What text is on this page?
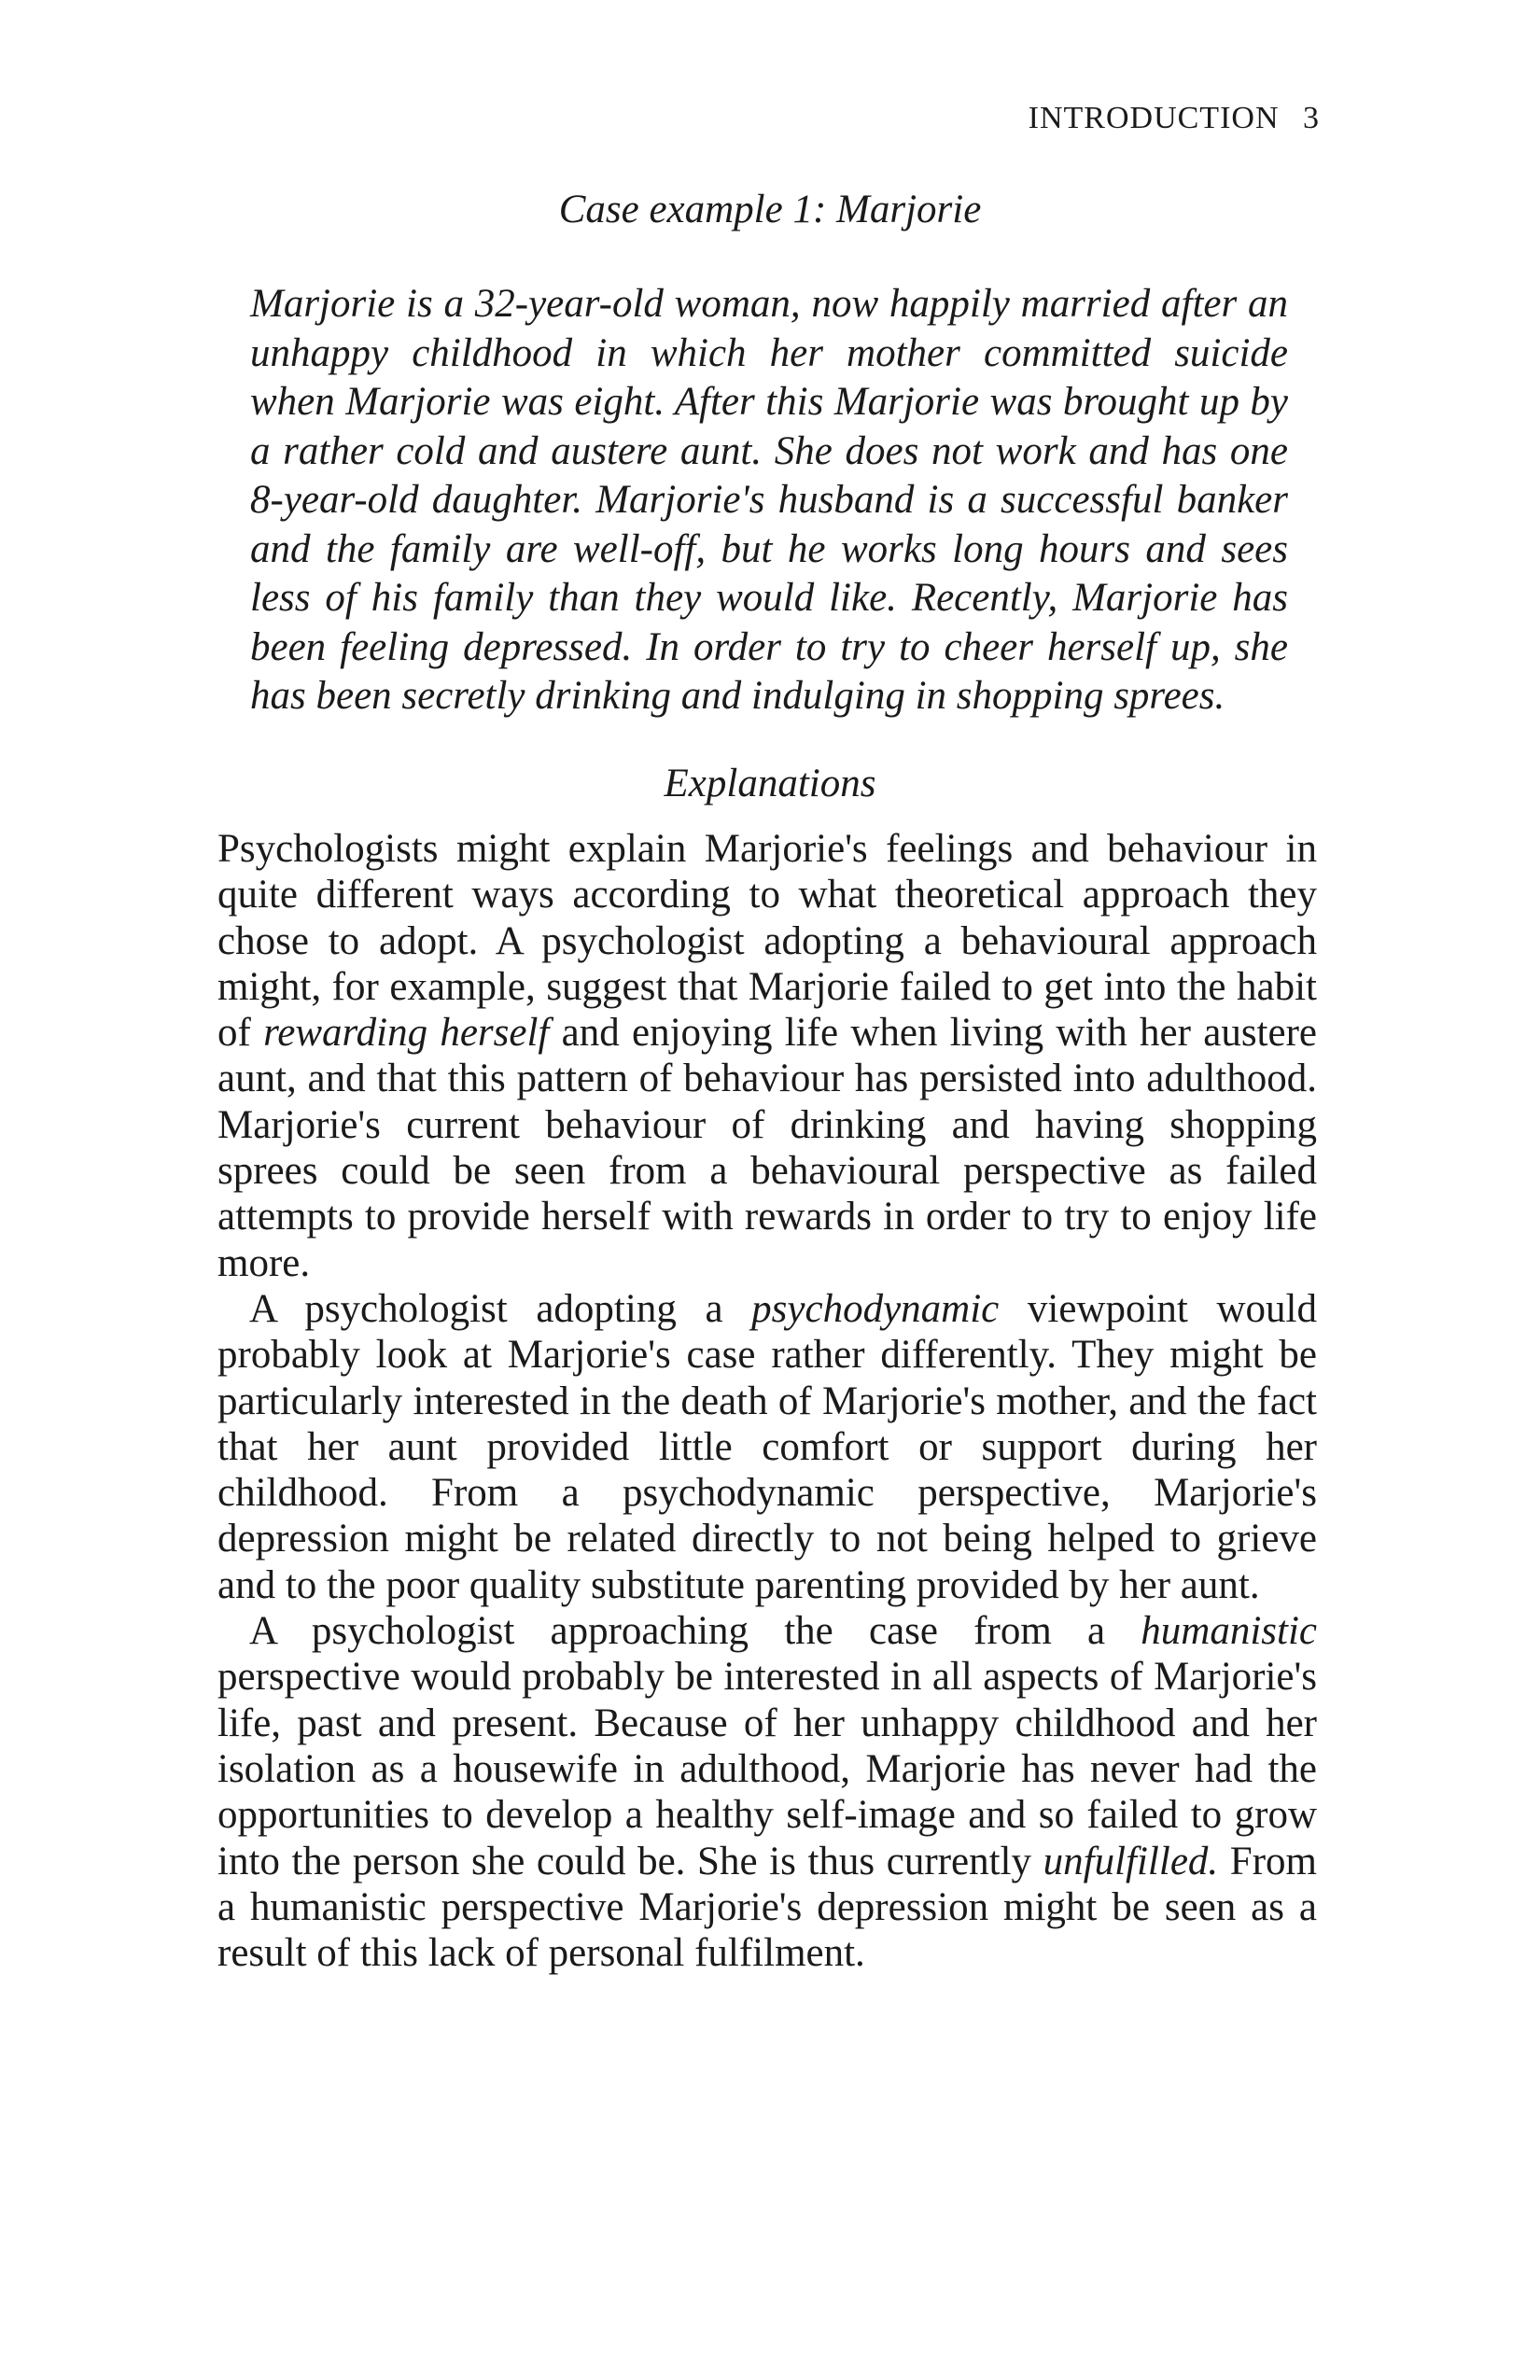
INTRODUCTION 3
Case example 1: Marjorie

Marjorie is a 32-year-old woman, now happily married after an unhappy childhood in which her mother committed suicide when Marjorie was eight. After this Marjorie was brought up by a rather cold and austere aunt. She does not work and has one 8-year-old daughter. Marjorie's husband is a successful banker and the family are well-off, but he works long hours and sees less of his family than they would like. Recently, Marjorie has been feeling depressed. In order to try to cheer herself up, she has been secretly drinking and indulging in shopping sprees.

Explanations

Psychologists might explain Marjorie's feelings and behaviour in quite different ways according to what theoretical approach they chose to adopt. A psychologist adopting a behavioural approach might, for example, suggest that Marjorie failed to get into the habit of rewarding herself and enjoying life when living with her austere aunt, and that this pattern of behaviour has persisted into adulthood. Marjorie's current behaviour of drinking and having shopping sprees could be seen from a behavioural perspective as failed attempts to provide herself with rewards in order to try to enjoy life more.

A psychologist adopting a psychodynamic viewpoint would probably look at Marjorie's case rather differently. They might be particularly interested in the death of Marjorie's mother, and the fact that her aunt provided little comfort or support during her childhood. From a psychodynamic perspective, Marjorie's depression might be related directly to not being helped to grieve and to the poor quality substitute parenting provided by her aunt.

A psychologist approaching the case from a humanistic perspective would probably be interested in all aspects of Marjorie's life, past and present. Because of her unhappy childhood and her isolation as a housewife in adulthood, Marjorie has never had the opportunities to develop a healthy self-image and so failed to grow into the person she could be. She is thus currently unfulfilled. From a humanistic perspective Marjorie's depression might be seen as a result of this lack of personal fulfilment.
